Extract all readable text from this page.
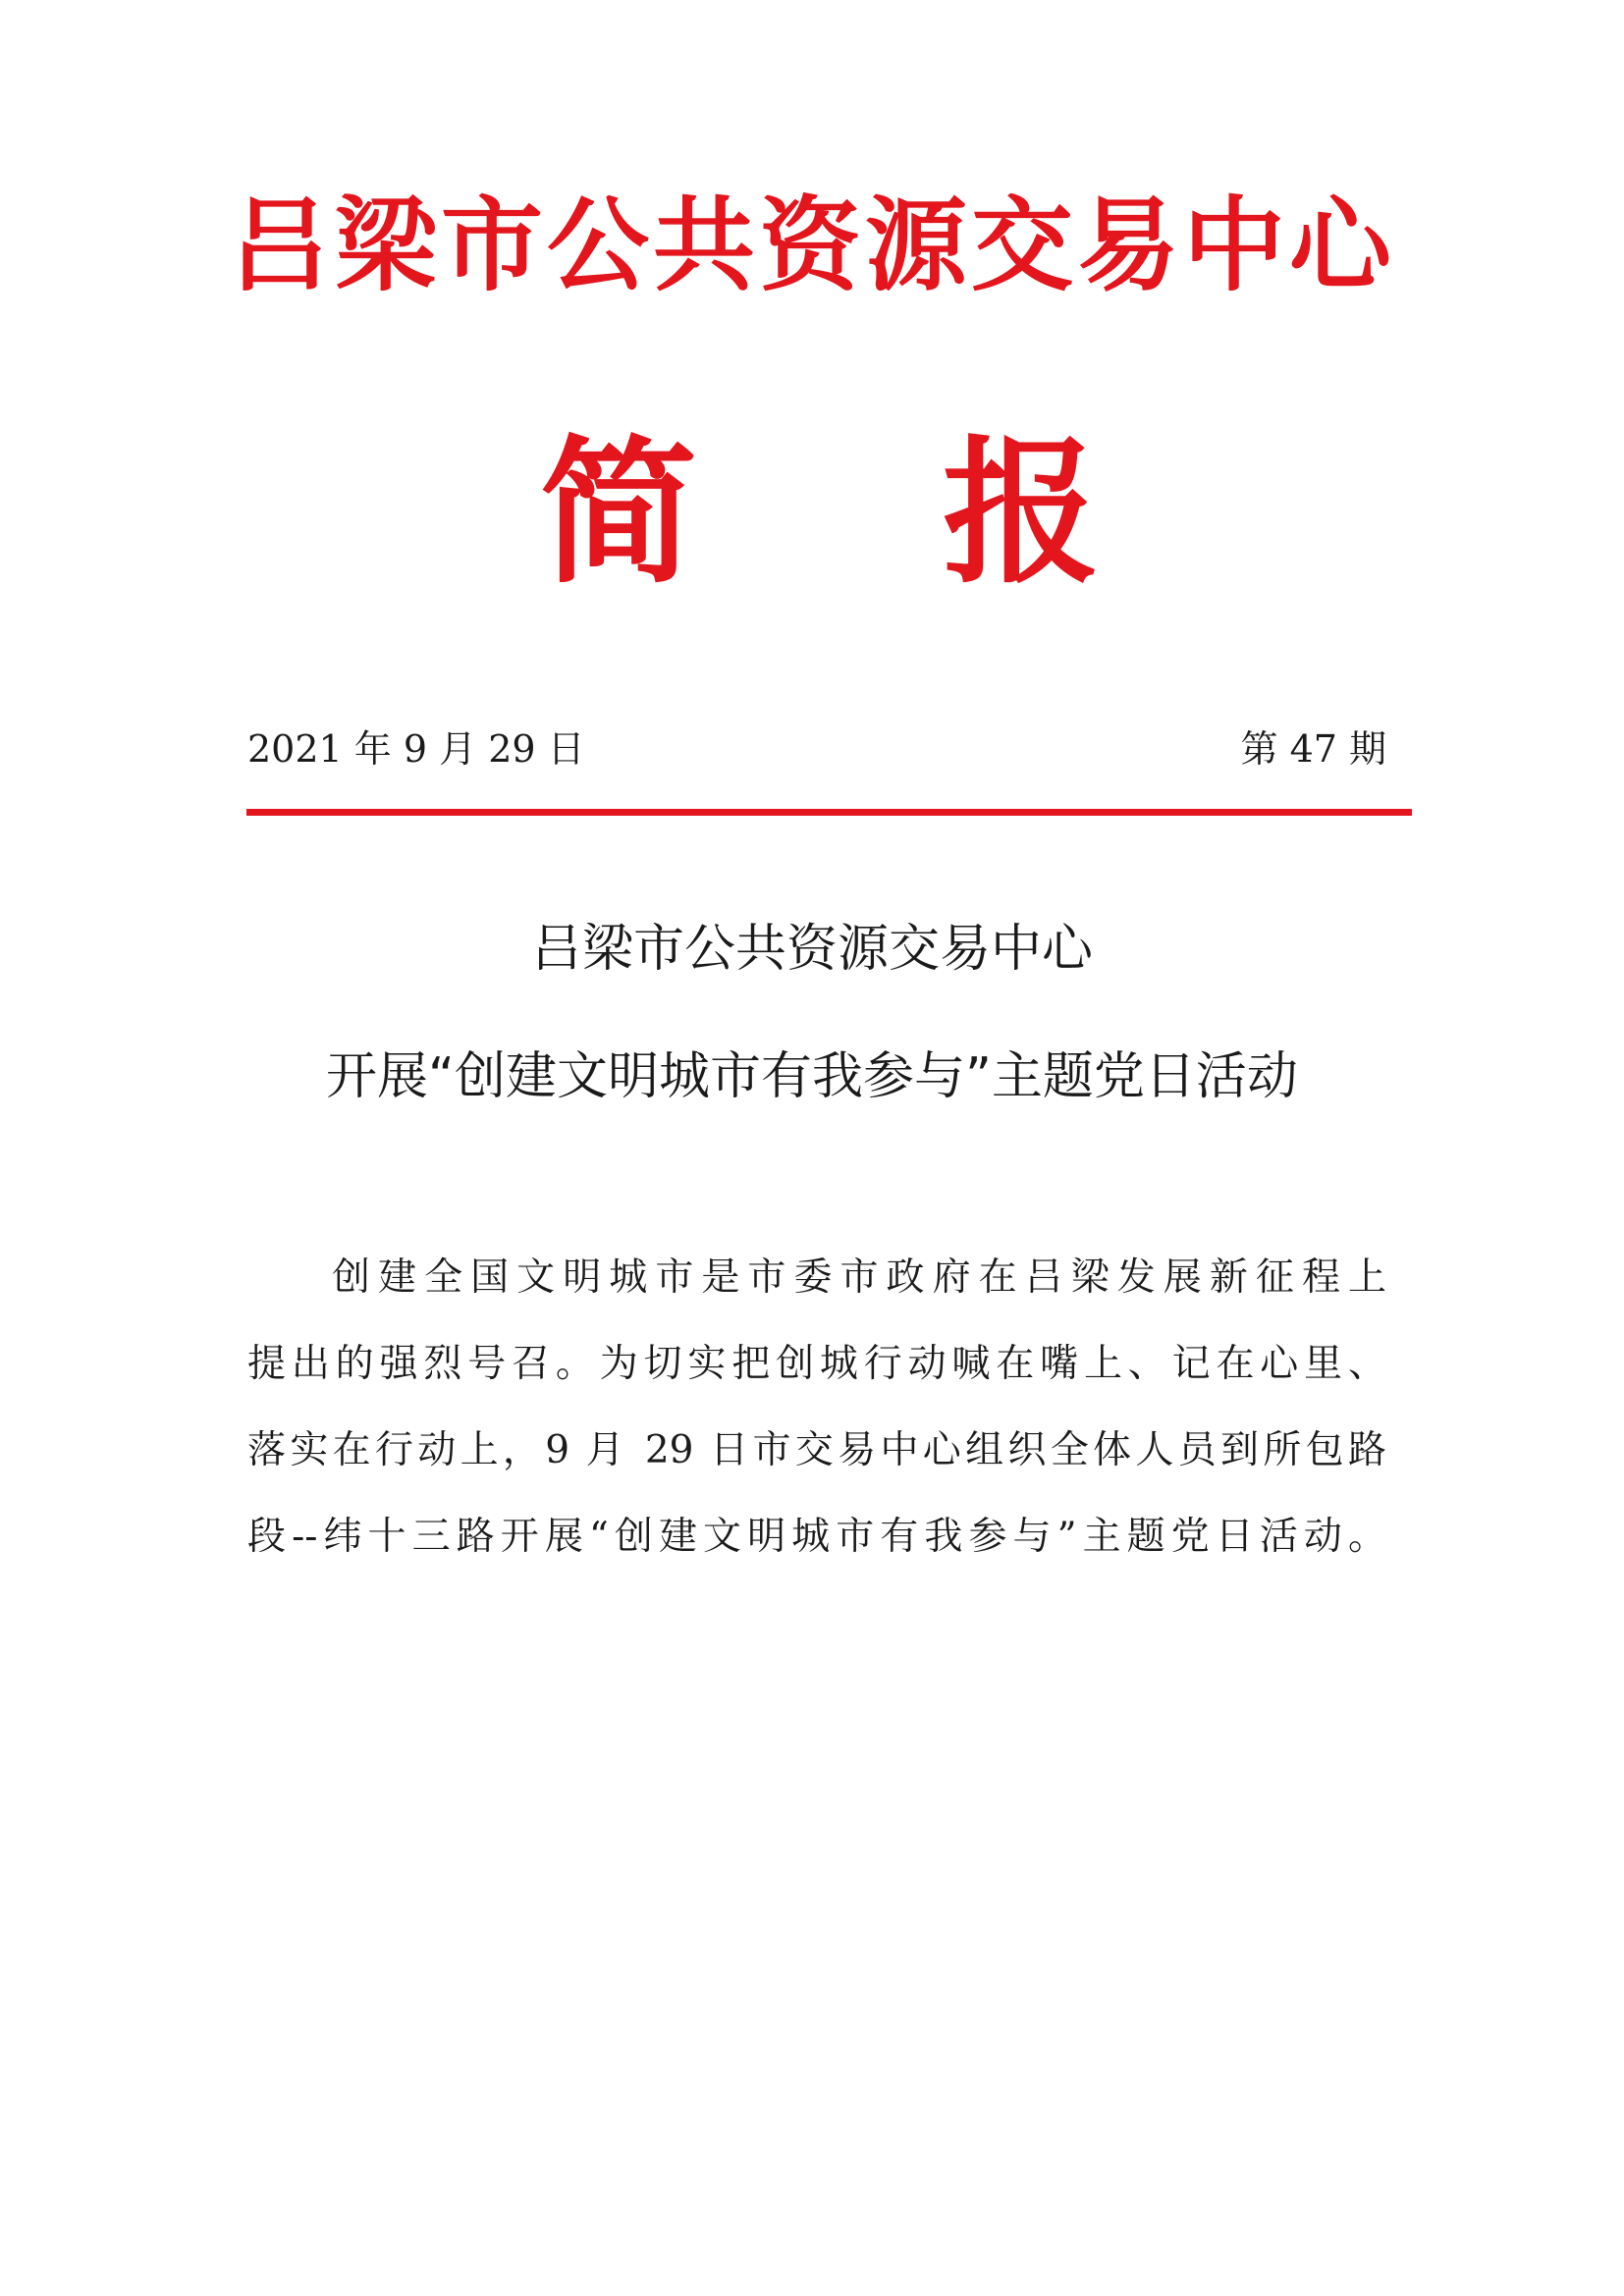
吕梁市公共资源交易中心
简 报
2021 年 9 月 29 日	第 47 期
吕梁市公共资源交易中心
开展“创建文明城市有我参与”主题党日活动
创建全国文明城市是市委市政府在吕梁发展新征程上
提出的强烈号召。为切实把创城行动喊在嘴上、记在心里、
落实在行动上，9 月 29 日市交易中心组织全体人员到所包路
段--纬十三路开展“创建文明城市有我参与”主题党日活动。
